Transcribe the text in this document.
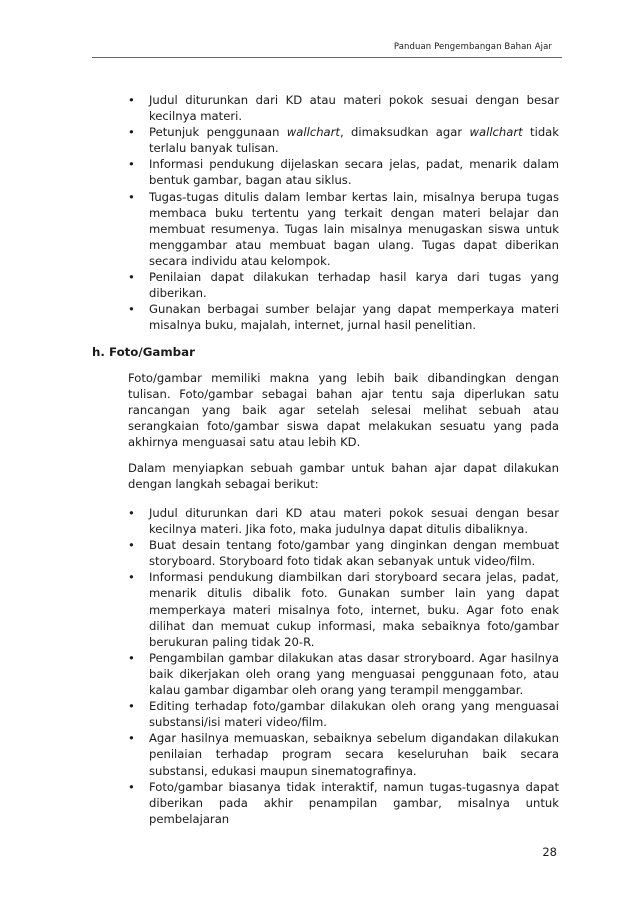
Panduan Pengembangan Bahan Ajar
• Judul diturunkan dari KD atau materi pokok sesuai dengan besar kecilnya materi.
• Petunjuk penggunaan wallchart, dimaksudkan agar wallchart tidak terlalu banyak tulisan.
• Informasi pendukung dijelaskan secara jelas, padat, menarik dalam bentuk gambar, bagan atau siklus.
• Tugas-tugas ditulis dalam lembar kertas lain, misalnya berupa tugas membaca buku tertentu yang terkait dengan materi belajar dan membuat resumenya. Tugas lain misalnya menugaskan siswa untuk menggambar atau membuat bagan ulang. Tugas dapat diberikan secara individu atau kelompok.
• Penilaian dapat dilakukan terhadap hasil karya dari tugas yang diberikan.
• Gunakan berbagai sumber belajar yang dapat memperkaya materi misalnya buku, majalah, internet, jurnal hasil penelitian.
h. Foto/Gambar

Foto/gambar memiliki makna yang lebih baik dibandingkan dengan tulisan. Foto/gambar sebagai bahan ajar tentu saja diperlukan satu rancangan yang baik agar setelah selesai melihat sebuah atau serangkaian foto/gambar siswa dapat melakukan sesuatu yang pada akhirnya menguasai satu atau lebih KD.

Dalam menyiapkan sebuah gambar untuk bahan ajar dapat dilakukan dengan langkah sebagai berikut:

• Judul diturunkan dari KD atau materi pokok sesuai dengan besar kecilnya materi. Jika foto, maka judulnya dapat ditulis dibaliknya.
• Buat desain tentang foto/gambar yang dinginkan dengan membuat storyboard. Storyboard foto tidak akan sebanyak untuk video/film.
• Informasi pendukung diambilkan dari storyboard secara jelas, padat, menarik ditulis dibalik foto. Gunakan sumber lain yang dapat memperkaya materi misalnya foto, internet, buku. Agar foto enak dilihat dan memuat cukup informasi, maka sebaiknya foto/gambar berukuran paling tidak 20-R.
• Pengambilan gambar dilakukan atas dasar stroryboard. Agar hasilnya baik dikerjakan oleh orang yang menguasai penggunaan foto, atau kalau gambar digambar oleh orang yang terampil menggambar.
• Editing terhadap foto/gambar dilakukan oleh orang yang menguasai substansi/isi materi video/film.
• Agar hasilnya memuaskan, sebaiknya sebelum digandakan dilakukan penilaian terhadap program secara keseluruhan baik secara substansi, edukasi maupun sinematografinya.
• Foto/gambar biasanya tidak interaktif, namun tugas-tugasnya dapat diberikan pada akhir penampilan gambar, misalnya untuk pembelajaran
28
